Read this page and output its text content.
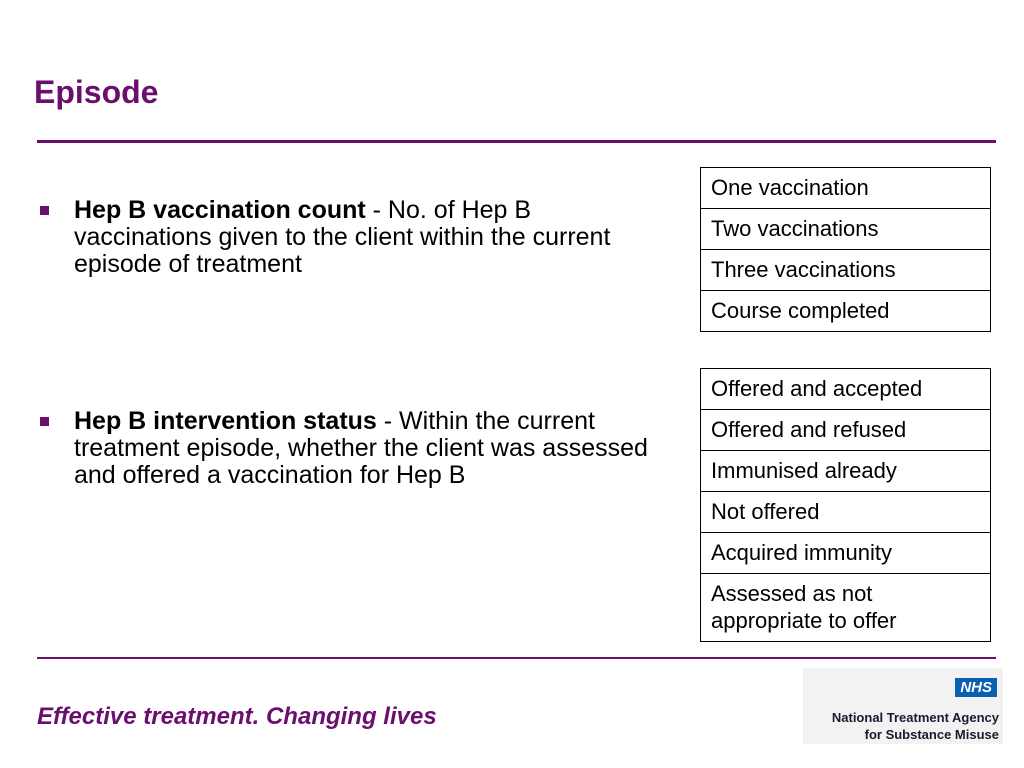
Episode
Hep B vaccination count - No. of Hep B vaccinations given to the client within the current episode of treatment
Hep B intervention status - Within the current treatment episode, whether the client was assessed and offered a vaccination for Hep B
One vaccination
Two vaccinations
Three vaccinations
Course completed
Offered and accepted
Offered and refused
Immunised already
Not offered
Acquired immunity
Assessed as not appropriate to offer
Effective treatment. Changing lives
NHS
National Treatment Agency
for Substance Misuse
